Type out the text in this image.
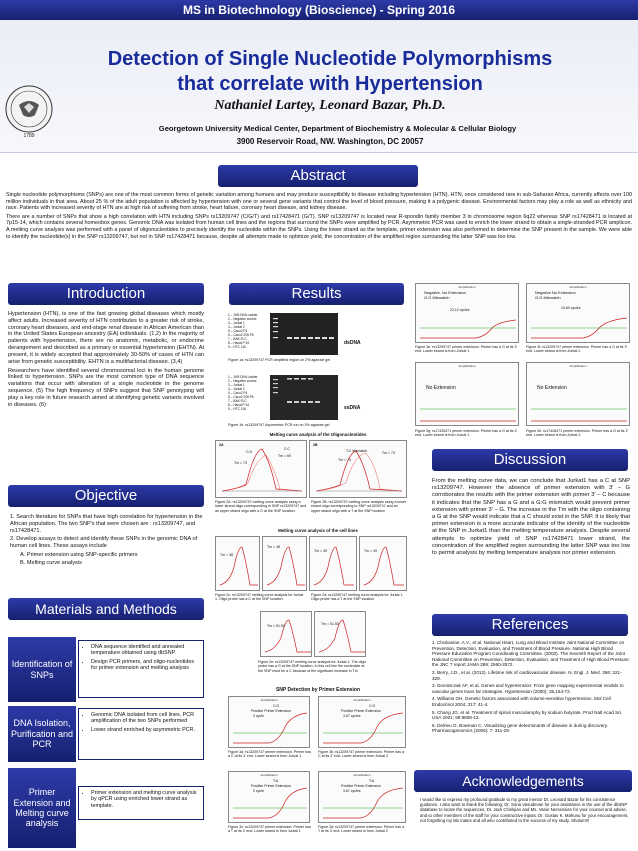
MS in Biotechnology (Bioscience) - Spring 2016
1789
Detection of Single Nucleotide Polymorphisms
that correlate with Hypertension
Nathaniel Lartey, Leonard Bazar, Ph.D.
Georgetown University Medical Center, Department of Biochemistry & Molecular & Cellular Biology
3900 Reservoir Road, NW. Washington, DC 20057
Abstract

Single nucleotide polymorphisms (SNPs) are one of the most common forms of genetic variation among humans and may produce susceptibility to disease including hypertension (HTN). HTN, once considered rare in sub-Saharan Africa, currently affects over 100 million individuals in that area. About 25 % of the adult population is affected by hypertension with one or several gene variants that control the level of blood pressure, making it a polygenic disease. Environmental factors may play a role as well as ethnicity and race. Patients with increased severity of HTN are at high risk of suffering from stroke, heart failure, coronary heart disease, and kidney disease.

There are a number of SNPs that show a high correlation with HTN including SNPs rs13209747 (C/G/T) and rs17428471 (G/T). SNP rs13209747 is located near R-spondin family member 3 in chromosome region 6q22 whereas SNP rs17428471 is located at 7p15-14, which contains several homeobox genes. Genomic DNA was isolated from human cell lines and the regions that surround the SNPs were amplified by PCR. Asymmetric PCR was used to enrich the lower strand to obtain a single-stranded PCR amplicon. A melting curve analysis was performed with a panel of oligonucleotides to precisely identify the nucleotide within the SNPs. Using the lower strand as the template, primer extension was also performed to determine the SNP present in the sample. We were able to identify the nucleotide(s) in the SNP rs13209747, but not in SNP rs17428471 because, despite all attempts made to optimize yield, the concentration of the amplified region surrounding the latter SNP was too low.

Introduction

Hypertension (HTN), is one of the fast growing global diseases which mostly affect adults. Increased severity of HTN contributes to a greater risk of stroke, coronary heart diseases, and end-stage renal disease in African American than in the United States European ancestry (EA) individuals. (1,2) In the majority of patients with hypertension, there are no anatomic, metabolic, or endocrine derangement and described as a primary or essential hypertension (EHTN). At present, it is widely accepted that approximately 30-50% of cases of HTN can arise from genetic susceptibility. EHTN is a multifactorial disease. (3,4)

Researchers have identified several chromosomal loci in the human genome linked to hypertension. SNPs are the most common type of DNA sequence variations that occur with alteration of a single nucleotide in the genome sequence. (5) The high frequency of SNPs suggest that SNP genotyping will play a key role in future research aimed at identifying genetic variants involved in diseases. (6)

Objective

1. Search literature for SNPs that have high correlation for hypertension in the African population. The two SNP's that were chosen are : rs13209747, and rs17428471.

2. Develop assays to detect and identify these SNPs in the genomic DNA of human cell lines. These assays include

A. Primer extension using SNP-specific primers

B. Melting curve analysis

Materials and Methods
Identification of SNPs
• DNA sequence identified and annealed temperature obtained using dbSNP.
• Design PCR primers, and oligo-nucleotides for primer extension and melting analysis
DNA Isolation, Purification and PCR
• Genomic DNA isolated from cell lines, PCR amplification of the two SNPs performed
• Lower strand enriched by asymmetric PCR.
Primer Extension and Melting curve analysis
• Primer extension and melting curve analysis by qPCR using enriched lower strand as template.
Results
1 – 1KB DNA Ladder
2 – Negative control
3 – Jurkat 1
4 – Jurkat 2
5 – Caco2 P4
6 – Caco2 205 P6
7 – BAK FLC
8 – Hacat P 34
9 – HTC 116
dsDNA
Figure 1a: rs13209747 PCR amplified region on 2% agarose gel
1 – 1KB DNA Ladder
2 – Negative control
3 – Jurkat 1
4 – Jurkat 2
5 – Caco2 P4
6 – Caco2 205 P6
7 – BAK FLC
8 – Hacat P 34
9 – HTC 116	ssDNA
Figure 1b: rs13209747 Asymmetric PCR run on 3% agarose gel
Melting curve analysis of the Oligonucleotides
2A
C:G
Tm = 73
C:C
Tm = 69
2B
T:C Mismatch
Tm = 73
Tm = 73
Figure 2A: rs13209747 melting curve analysis using a lower strand oligo corresponding to SNP rs13209747 and an upper strand oligo with a G at the SNP location.
Figure 2B: rs13209747 melting curve analysis using a lower strand oligo corresponding to SNP rs13209747 and an upper strand oligo with a T at the SNP location
Melting curve analysis of the cell lines
Tm = 48
Tm = 48
Tm = 49	Tm = 49
Figure 2c: rs13209747 melting curve analysis for Jurkat 1. Oligo probe has a C at the SNP location
Figure 2d: rs13209747 melting curve analysis for Jurkat 1. Oligo probe has a T at the SNP location
Tm = 51.50	Tm = 51.50
Figure 2e: rs13209747 melting curve analysis for Jurkat 1. The oligo probe has a G at the SNP location. In this cell line the nucleotide at the SNP must be a C because of the significant increase in Tm
SNP Detection by Primer Extension
Amplification
C:G
Positive Primer Extension
0 cycle
Amplification
C:G
Positive Primer Extension
3.67 cycles
Figure 3a: rs13209747 primer extension. Primer has a C at its 3' end. Lower strand is from Jurkat 1
Figure 3b: rs13209747 primer extension. Primer has a C at its 3' end. Lower strand is from Jurkat 2
Amplification
T:A
Positive Primer Extension
0 cycle
Amplification
T:A
Positive Primer Extension
3.67 cycles
Figure 3c: rs13209747 primer extension. Primer has a T at its 3' end. Lower strand is from Jurkat 1
Figure 3d: rs13209747 primer extension. Primer has a T at its 3' end. Lower strand is from Jurkat 2
Amplification
Negative. No Extension
G:G Mismatch
22.12 cycles
Amplification
Negative No Extension
G:G Mismatch
19.60 cycles
Figure 3e: rs13209747 primer extension. Primer has a G at its 3' end. Lower strand is from Jurkat 1
Figure 3f: rs13209747 primer extension. Primer has a G at its 3' end. Lower strand is from Jurkat 2
Amplification
No Extension
Amplification
No Extension
Figure 3g: rs17428471 primer extension. Primer has a G at its 3' end. Lower strand is from Jurkat 1
Figure 3h: rs17428471 primer extension. Primer has a G at its 3' end. Lower strand is from Jurkat 2
Discussion
From the melting curve data, we can conclude that Jurkat1 has a C at SNP rs13209747. However the absence of primer extension with 3' – G corroborates the results with the primer extension with primer 3' – C because it indicates that the SNP has a G and a G:G mismatch would prevent primer extension with primer 3' – G. The increase in the Tm with the oligo containing a G at the SNP would indicate that a C should exist in the SNP. It is likely that primer extension is a more accurate indicator of the identity of the nucleotide at the SNP in Jurkat1 than the melting temperature analysis. Despite several attempts to optimize yield of SNP rs17428471 lower strand, the concentration of the amplified region surrounding the latter SNP was too low to permit analysis by melting temperature analysis nor primer extension.
References

1. Chobanian, A.V., et al. National Heart, Lung and Blood Institute Joint National Committee on Prevention, Detection, Evaluation, and Treatment of Blood Pressure. National High Blood Pressure Education Program Coordinating Committee. (2003). The Seventh Report of the Joint National Committee on Prevention, Detection, Evaluation, and Treatment of High Blood Pressure: the JNC 7 report JAMA 289: 2560-2572.

2. Berry, J.D., et al. (2012). Lifetime risk of cardiovascular disease. N. Engl. J. Med. 366: 321-329.

3. Dominiczak AF, et al. Genes and hypertension: From gene mapping experimental models to vascular genes trans far strategies. Hypertension (2000); 35,164-72.

4. Williams GH. Genetic factors associated with volume-sensitive hypertension. Mol Cell Endocrinol 2004; 217: 41-4.

5. Chang JG, et al. Treatment of spinal muscularophy by sodium butyrate. Prod Natl Acad Sci USA 2001; 98:9808-13.

6. Delrieu O, Bowman C. Visualizing gene determinants of disease in during discovery. Pharmacogenomics (2006); 7: 311-29.

Acknowledgements
I would like to express my profound gratitude to my great mentor Dr. Leonard Bazar for his consistence guidance. I also want to thank the following; Dr. Sona Vasudevan for your assistance in the use of the dbSNP database to locate the sequences, Dr. Jack Chirikjian and Ms. Vanie Nersessian for your counsel and advise, and to other members of the staff for your constructive inputs. Dr. Gustav K. Mahunu for your encouragement, not forgetting my lab mates and all who contributed to the success of my study. Shalom!!!
